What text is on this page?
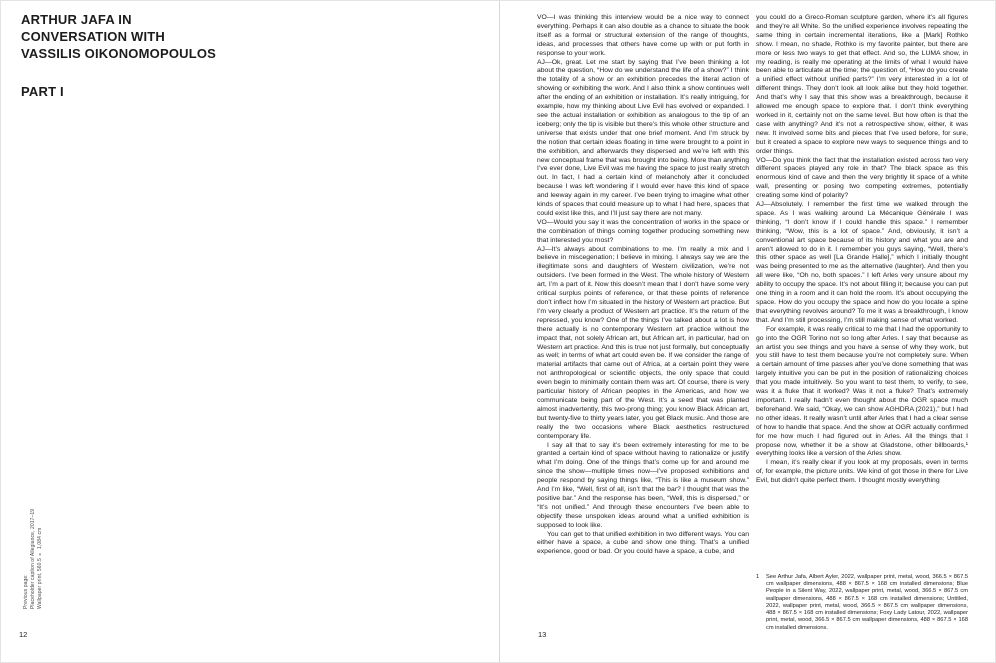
ARTHUR JAFA IN
CONVERSATION WITH
VASSILIS OIKONOMOPOULOS
PART I
Previous page: Placeholder caption of Allegiance, 2017–19 Wallpaper print, 560.5 × 1,084 cm
12

VO—I was thinking this interview would be a nice way to connect everything. Perhaps it can also double as a chance to situate the book itself as a formal or structural extension of the range of thoughts, ideas, and processes that others have come up with or put forth in response to your work.

AJ—Ok, great. Let me start by saying that I’ve been thinking a lot about the question, “How do we understand the life of a show?” I think the totality of a show or an exhibition precedes the literal action of showing or exhibiting the work. And I also think a show continues well after the ending of an exhibition or installation. It’s really intriguing, for example, how my thinking about Live Evil has evolved or expanded. I see the actual installation or exhibition as analogous to the tip of an iceberg; only the tip is visible but there’s this whole other structure and universe that exists under that one brief moment. And I’m struck by the notion that certain ideas floating in time were brought to a point in the exhibition, and afterwards they dispersed and we’re left with this new conceptual frame that was brought into being. More than anything I’ve ever done, Live Evil was me having the space to just really stretch out. In fact, I had a certain kind of melancholy after it concluded because I was left wondering if I would ever have this kind of space and leeway again in my career. I’ve been trying to imagine what other kinds of spaces that could measure up to what I had here, spaces that could exist like this, and I’ll just say there are not many.

VO—Would you say it was the concentration of works in the space or the combination of things coming together producing something new that interested you most?

AJ—It’s always about combinations to me. I’m really a mix and I believe in miscegenation; I believe in mixing. I always say we are the illegitimate sons and daughters of Western civilization, we’re not outsiders. I’ve been formed in the West. The whole history of Western art, I’m a part of it. Now this doesn’t mean that I don’t have some very critical surplus points of reference, or that these points of reference don’t inflect how I’m situated in the history of Western art practice. But I’m very clearly a product of Western art practice. It’s the return of the repressed, you know? One of the things I’ve talked about a lot is how there actually is no contemporary Western art practice without the impact that, not solely African art, but African art, in particular, had on Western art practice. And this is true not just formally, but conceptually as well; in terms of what art could even be. If we consider the range of material artifacts that came out of Africa, at a certain point they were not anthropological or scientific objects, the only space that could even begin to minimally contain them was art. Of course, there is very particular history of African peoples in the Americas, and how we communicate being part of the West. It’s a seed that was planted almost inadvertently, this two-prong thing; you know Black African art, but twenty-five to thirty years later, you get Black music. And those are really the two occasions where Black aesthetics restructured contemporary life.

I say all that to say it’s been extremely interesting for me to be granted a certain kind of space without having to rationalize or justify what I’m doing. One of the things that’s come up for and around me since the show—multiple times now—I’ve proposed exhibitions and people respond by saying things like, “This is like a museum show.” And I’m like, “Well, first of all, isn’t that the bar? I thought that was the positive bar.” And the response has been, “Well, this is dispersed,” or “It’s not unified.” And through these encounters I’ve been able to objectify these unspoken ideas around what a unified exhibition is supposed to look like.

You can get to that unified exhibition in two different ways. You can either have a space, a cube and show one thing. That’s a unified experience, good or bad. Or you could have a space, a cube, and

you could do a Greco-Roman sculpture garden, where it’s all figures and they’re all White. So the unified experience involves repeating the same thing in certain incremental iterations, like a [Mark] Rothko show. I mean, no shade, Rothko is my favorite painter, but there are more or less two ways to get that effect. And so, the LUMA show, in my reading, is really me operating at the limits of what I would have been able to articulate at the time; the question of, “How do you create a unified effect without unified parts?” I’m very interested in a lot of different things. They don’t look all look alike but they hold together. And that’s why I say that this show was a breakthrough, because it allowed me enough space to explore that. I don’t think everything worked in it, certainly not on the same level. But how often is that the case with anything? And it’s not a retrospective show, either, it was new. It involved some bits and pieces that I’ve used before, for sure, but it created a space to explore new ways to sequence things and to order things.

VO—Do you think the fact that the installation existed across two very different spaces played any role in that? The black space as this enormous kind of cave and then the very brightly lit space of a white wall, presenting or posing two competing extremes, potentially creating some kind of polarity?

AJ—Absolutely. I remember the first time we walked through the space. As I was walking around La Mécanique Générale I was thinking, “I don’t know if I could handle this space.” I remember thinking, “Wow, this is a lot of space.” And, obviously, it isn’t a conventional art space because of its history and what you are and aren’t allowed to do in it. I remember you guys saying, “Well, there’s this other space as well [La Grande Halle],” which I initially thought was being presented to me as the alternative (laughter). And then you all were like, “Oh no, both spaces.” I left Arles very unsure about my ability to occupy the space. It’s not about filling it; because you can put one thing in a room and it can hold the room. It’s about occupying the space. How do you occupy the space and how do you locate a spine that everything revolves around? To me it was a breakthrough, I know that. And I’m still processing, I’m still making sense of what worked.

For example, it was really critical to me that I had the opportunity to go into the OGR Torino not so long after Arles. I say that because as an artist you see things and you have a sense of why they work, but you still have to test them because you’re not completely sure. When a certain amount of time passes after you’ve done something that was largely intuitive you can be put in the position of rationalizing choices that you made intuitively. So you want to test them, to verify, to see, was it a fluke that it worked? Was it not a fluke? That’s extremely important. I really hadn’t even thought about the OGR space much beforehand. We said, “Okay, we can show AGHDRA (2021),” but I had no other ideas. It really wasn’t until after Arles that I had a clear sense of how to handle that space. And the show at OGR actually confirmed for me how much I had figured out in Arles. All the things that I propose now, whether it be a show at Gladstone, other billboards,¹ everything looks like a version of the Arles show.

I mean, it’s really clear if you look at my proposals, even in terms of, for example, the picture units. We kind of got those in there for Live Evil, but didn’t quite perfect them. I thought mostly everything

1	See Arthur Jafa, Albert Ayler, 2022, wallpaper print, metal, wood, 366.5 × 867.5 cm wallpaper dimensions, 488 × 867.5 × 168 cm installed dimensions; Blue People in a Silent Way, 2022, wallpaper print, metal, wood, 366.5 × 867.5 cm wallpaper dimensions, 488 × 867.5 × 168 cm installed dimensions; Untitled, 2022, wallpaper print, metal, wood, 366.5 × 867.5 cm wallpaper dimensions, 488 × 867.5 × 168 cm installed dimensions; Foxy Lady Latour, 2022, wallpaper print, metal, wood, 366.5 × 867.5 cm wallpaper dimensions, 488 × 867.5 × 168 cm installed dimensions.
13
